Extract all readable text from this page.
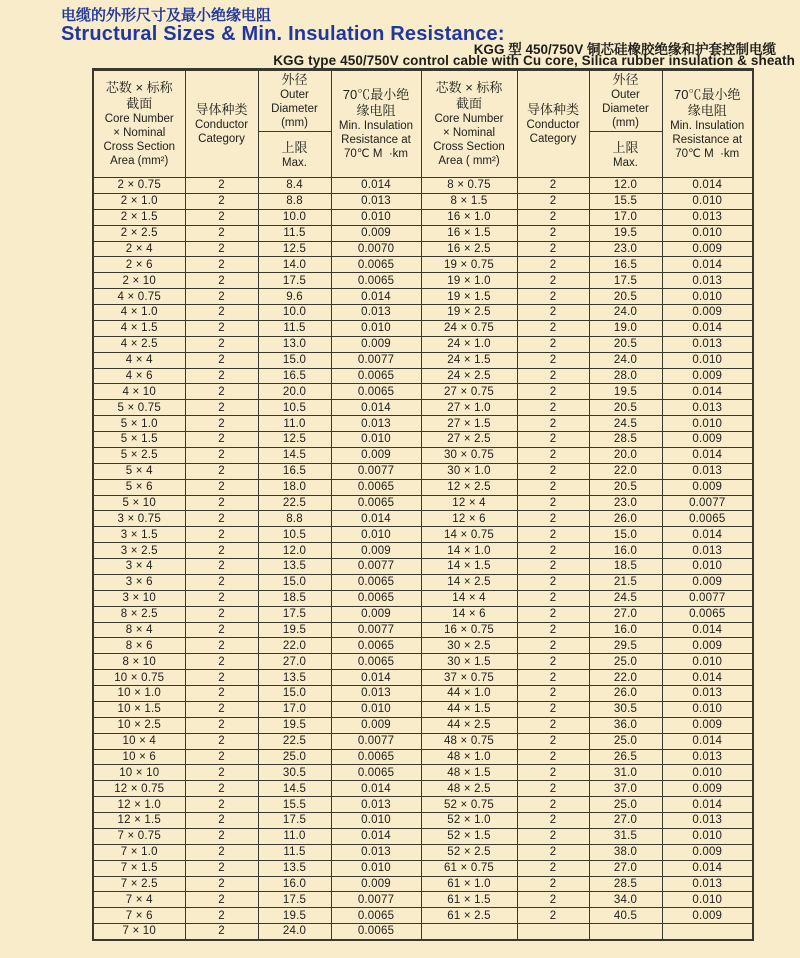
电缆的外形尺寸及最小绝缘电阻
Structural Sizes & Min. Insulation Resistance:
KGG 型 450/750V 铜芯硅橡胶绝缘和护套控制电缆
KGG type 450/750V control cable with Cu core, Silica rubber insulation & sheath
芯数 × 标称
截面
Core Number
× Nominal
Cross Section
Area (mm²)

导体种类
Conductor
Category

外径
Outer
Diameter
(mm)

70℃最小绝
缘电阻
Min. Insulation
Resistance at
70℃ M  ·km

芯数 × 标称
截面
Core Number
× Nominal
Cross Section
Area ( mm²)

导体种类
Conductor
Category

外径
Outer
Diameter
(mm)

70℃最小绝
缘电阻
Min. Insulation
Resistance at
70℃ M  ·km

上限
Max.

上限
Max.

2 × 0.75	2	8.4	0.014	8 × 0.75	2	12.0	0.014
2 × 1.0	2	8.8	0.013	8 × 1.5	2	15.5	0.010
2 × 1.5	2	10.0	0.010	16 × 1.0	2	17.0	0.013
2 × 2.5	2	11.5	0.009	16 × 1.5	2	19.5	0.010
2 × 4	2	12.5	0.0070	16 × 2.5	2	23.0	0.009
2 × 6	2	14.0	0.0065	19 × 0.75	2	16.5	0.014
2 × 10	2	17.5	0.0065	19 × 1.0	2	17.5	0.013
4 × 0.75	2	9.6	0.014	19 × 1.5	2	20.5	0.010
4 × 1.0	2	10.0	0.013	19 × 2.5	2	24.0	0.009
4 × 1.5	2	11.5	0.010	24 × 0.75	2	19.0	0.014
4 × 2.5	2	13.0	0.009	24 × 1.0	2	20.5	0.013
4 × 4	2	15.0	0.0077	24 × 1.5	2	24.0	0.010
4 × 6	2	16.5	0.0065	24 × 2.5	2	28.0	0.009
4 × 10	2	20.0	0.0065	27 × 0.75	2	19.5	0.014
5 × 0.75	2	10.5	0.014	27 × 1.0	2	20.5	0.013
5 × 1.0	2	11.0	0.013	27 × 1.5	2	24.5	0.010
5 × 1.5	2	12.5	0.010	27 × 2.5	2	28.5	0.009
5 × 2.5	2	14.5	0.009	30 × 0.75	2	20.0	0.014
5 × 4	2	16.5	0.0077	30 × 1.0	2	22.0	0.013
5 × 6	2	18.0	0.0065	12 × 2.5	2	20.5	0.009
5 × 10	2	22.5	0.0065	12 × 4	2	23.0	0.0077
3 × 0.75	2	8.8	0.014	12 × 6	2	26.0	0.0065
3 × 1.5	2	10.5	0.010	14 × 0.75	2	15.0	0.014
3 × 2.5	2	12.0	0.009	14 × 1.0	2	16.0	0.013
3 × 4	2	13.5	0.0077	14 × 1.5	2	18.5	0.010
3 × 6	2	15.0	0.0065	14 × 2.5	2	21.5	0.009
3 × 10	2	18.5	0.0065	14 × 4	2	24.5	0.0077
8 × 2.5	2	17.5	0.009	14 × 6	2	27.0	0.0065
8 × 4	2	19.5	0.0077	16 × 0.75	2	16.0	0.014
8 × 6	2	22.0	0.0065	30 × 2.5	2	29.5	0.009
8 × 10	2	27.0	0.0065	30 × 1.5	2	25.0	0.010
10 × 0.75	2	13.5	0.014	37 × 0.75	2	22.0	0.014
10 × 1.0	2	15.0	0.013	44 × 1.0	2	26.0	0.013
10 × 1.5	2	17.0	0.010	44 × 1.5	2	30.5	0.010
10 × 2.5	2	19.5	0.009	44 × 2.5	2	36.0	0.009
10 × 4	2	22.5	0.0077	48 × 0.75	2	25.0	0.014
10 × 6	2	25.0	0.0065	48 × 1.0	2	26.5	0.013
10 × 10	2	30.5	0.0065	48 × 1.5	2	31.0	0.010
12 × 0.75	2	14.5	0.014	48 × 2.5	2	37.0	0.009
12 × 1.0	2	15.5	0.013	52 × 0.75	2	25.0	0.014
12 × 1.5	2	17.5	0.010	52 × 1.0	2	27.0	0.013
7 × 0.75	2	11.0	0.014	52 × 1.5	2	31.5	0.010
7 × 1.0	2	11.5	0.013	52 × 2.5	2	38.0	0.009
7 × 1.5	2	13.5	0.010	61 × 0.75	2	27.0	0.014
7 × 2.5	2	16.0	0.009	61 × 1.0	2	28.5	0.013
7 × 4	2	17.5	0.0077	61 × 1.5	2	34.0	0.010
7 × 6	2	19.5	0.0065	61 × 2.5	2	40.5	0.009
7 × 10	2	24.0	0.0065				
